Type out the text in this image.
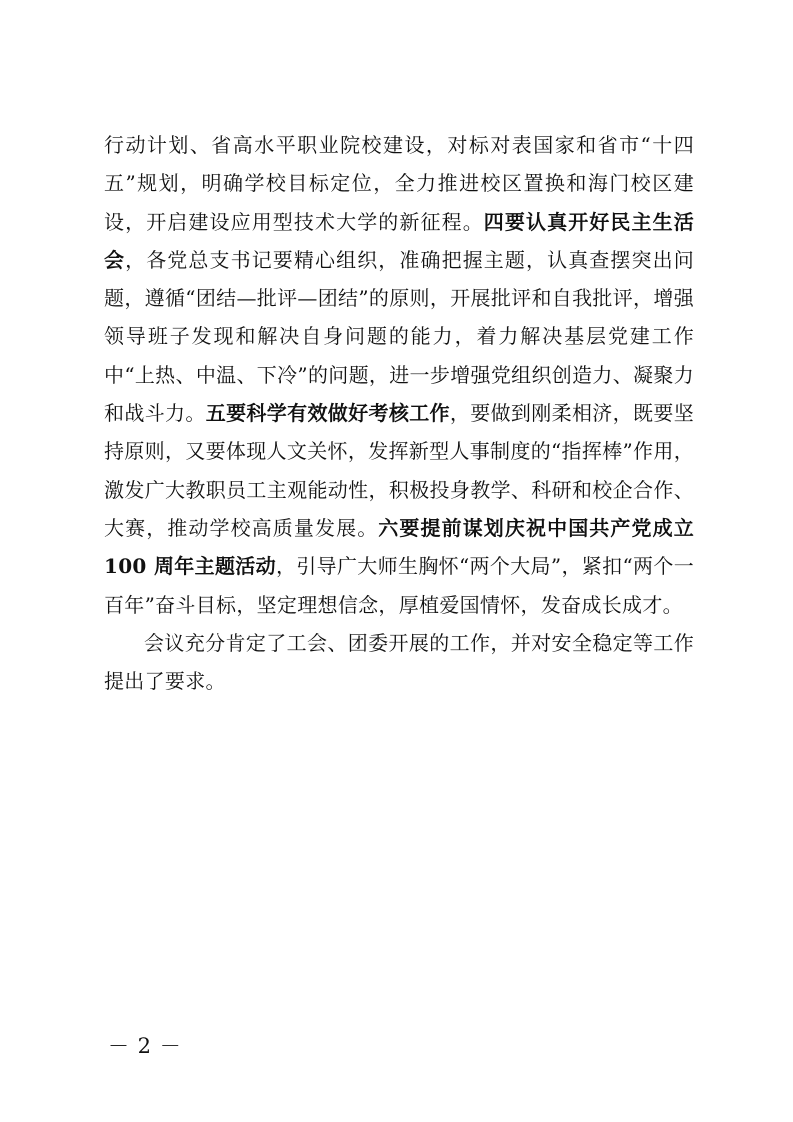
行动计划、省高水平职业院校建设，对标对表国家和省市“十四五”规划，明确学校目标定位，全力推进校区置换和海门校区建设，开启建设应用型技术大学的新征程。四要认真开好民主生活会，各党总支书记要精心组织，准确把握主题，认真查摆突出问题，遵循“团结—批评—团结”的原则，开展批评和自我批评，增强领导班子发现和解决自身问题的能力，着力解决基层党建工作中“上热、中温、下冷”的问题，进一步增强党组织创造力、凝聚力和战斗力。五要科学有效做好考核工作，要做到刚柔相济，既要坚持原则，又要体现人文关怀，发挥新型人事制度的“指挥棒”作用，激发广大教职员工主观能动性，积极投身教学、科研和校企合作、大赛，推动学校高质量发展。六要提前谋划庆祝中国共产党成立 100 周年主题活动，引导广大师生胸怀“两个大局”，紧扣“两个一百年”奋斗目标，坚定理想信念，厚植爱国情怀，发奋成长成才。

会议充分肯定了工会、团委开展的工作，并对安全稳定等工作提出了要求。

－ 2 －
